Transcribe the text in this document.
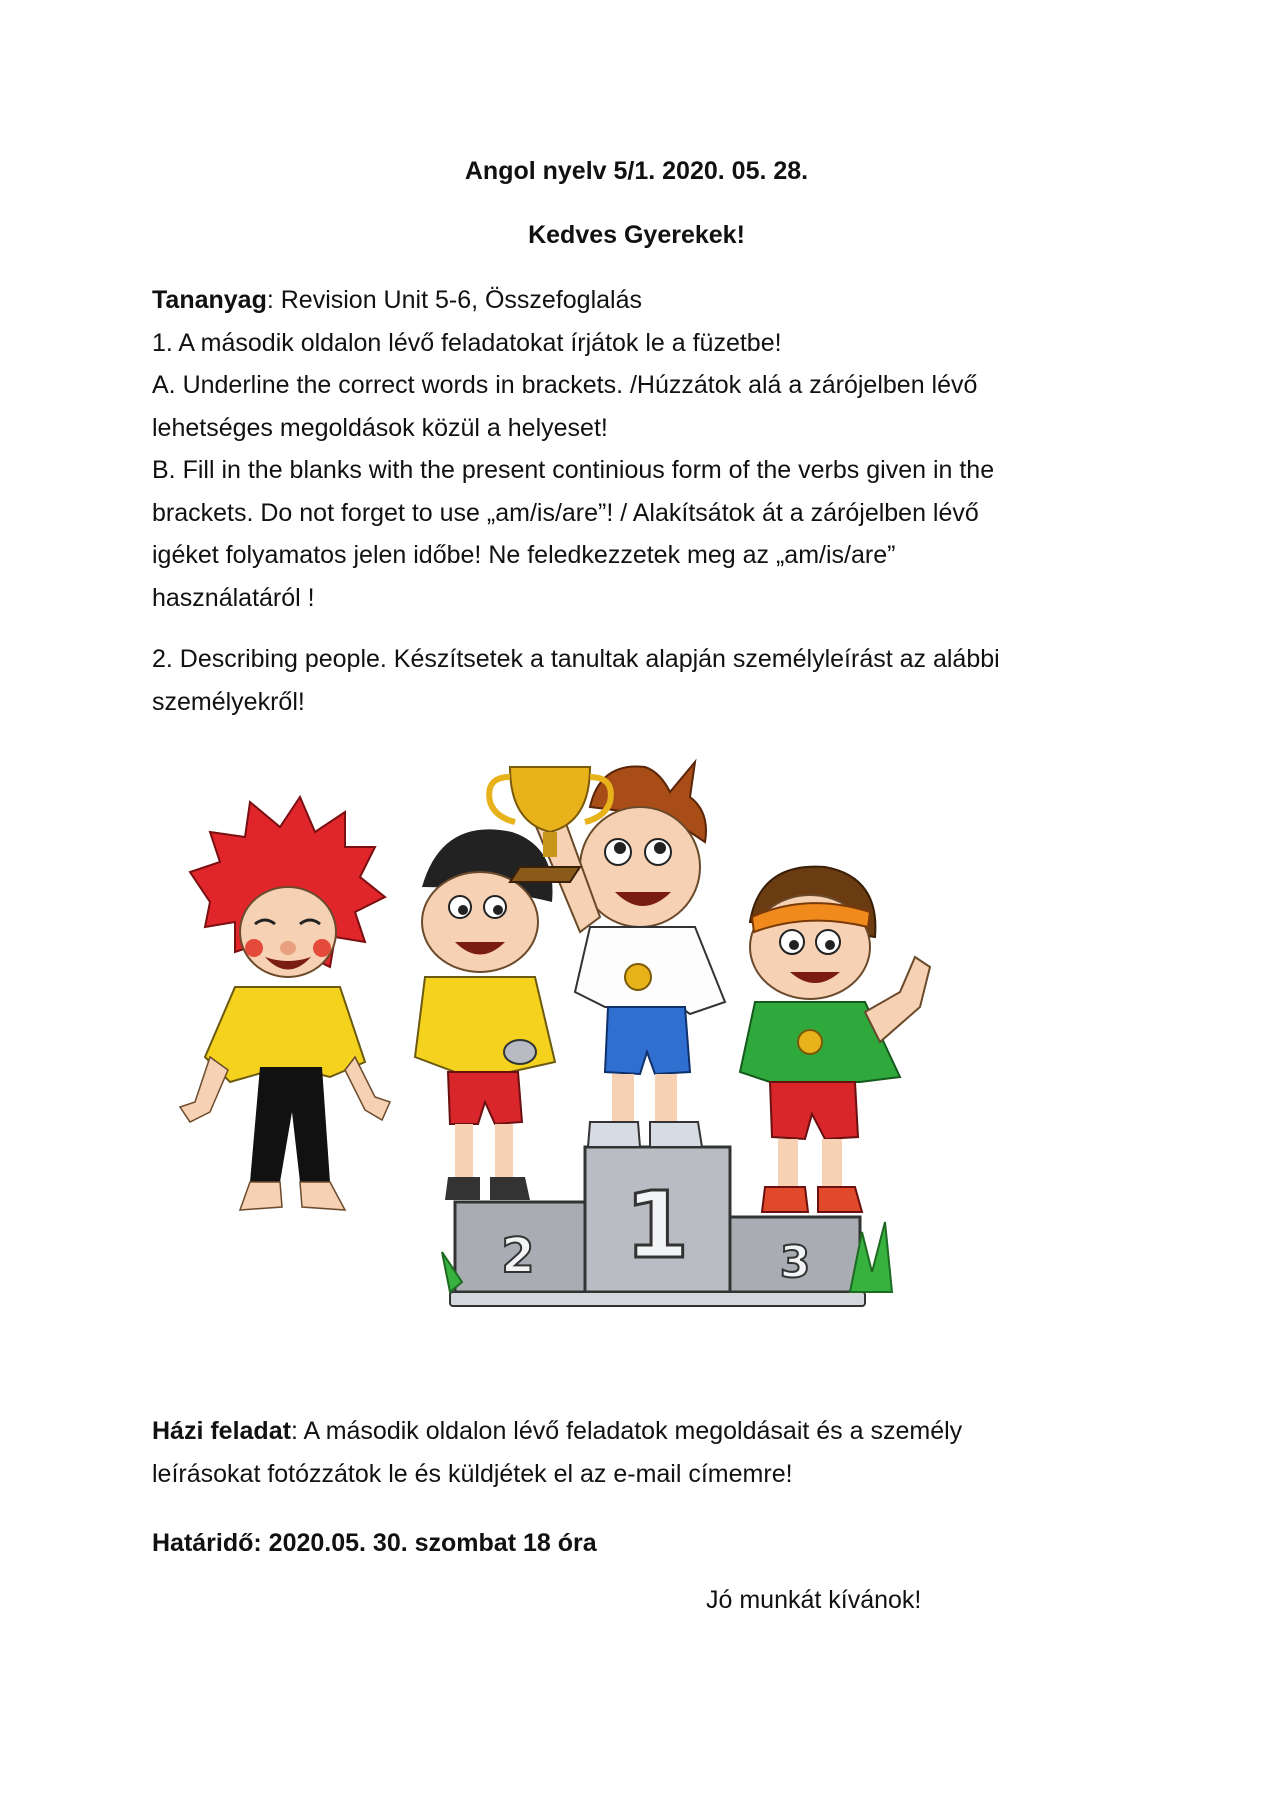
Angol nyelv 5/1. 2020. 05. 28.
Kedves Gyerekek!

Tananyag: Revision Unit 5-6, Összefoglalás

1. A második oldalon lévő feladatokat írjátok le a füzetbe!

A. Underline the correct words in brackets. /Húzzátok alá a zárójelben lévő

lehetséges megoldások közül a helyeset!

B. Fill in the blanks with the present continious form of the verbs given in the

brackets. Do not forget to use „am/is/are”! / Alakítsátok át a zárójelben lévő

igéket folyamatos jelen időbe! Ne feledkezzetek meg az „am/is/are”

használatáról !

2. Describing people. Készítsetek a tanultak alapján személyleírást az alábbi

személyekről!

2 1 3

Házi feladat: A második oldalon lévő feladatok megoldásait és a személy

leírásokat fotózzátok le és küldjétek el az e-mail címemre!

Határidő: 2020.05. 30. szombat 18 óra
Jó munkát kívánok!
